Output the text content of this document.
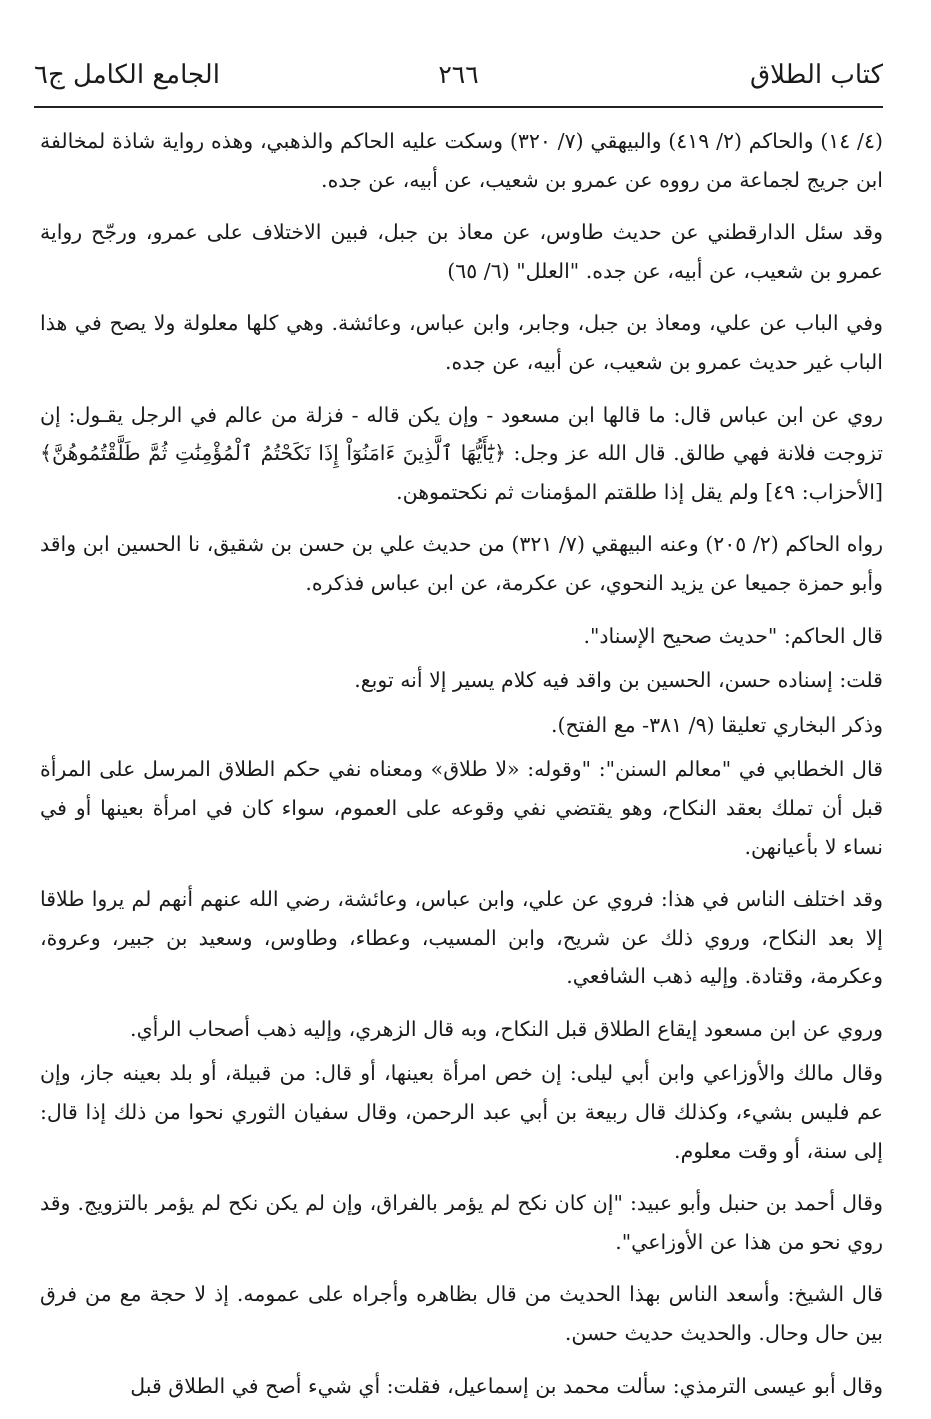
كتاب الطلاق
٢٦٦
الجامع الكامل ج٦

(٤/ ١٤) والحاكم (٢/ ٤١٩) والبيهقي (٧/ ٣٢٠) وسكت عليه الحاكم والذهبي، وهذه رواية شاذة لمخالفة ابن جريج لجماعة من رووه عن عمرو بن شعيب، عن أبيه، عن جده.

وقد سئل الدارقطني عن حديث طاوس، عن معاذ بن جبل، فبين الاختلاف على عمرو، ورجّح رواية عمرو بن شعيب، عن أبيه، عن جده. "العلل" (٦/ ٦٥)

وفي الباب عن علي، ومعاذ بن جبل، وجابر، وابن عباس، وعائشة. وهي كلها معلولة ولا يصح في هذا الباب غير حديث عمرو بن شعيب، عن أبيه، عن جده.

روي عن ابن عباس قال: ما قالها ابن مسعود - وإن يكن قاله - فزلة من عالم في الرجل يقـول: إن تزوجت فلانة فهي طالق. قال الله عز وجل: ﴿يَٰٓأَيُّهَا ٱلَّذِينَ ءَامَنُوٓاْ إِذَا نَكَحْتُمُ ٱلْمُؤْمِنَٰتِ ثُمَّ طَلَّقْتُمُوهُنَّ﴾ [الأحزاب: ٤٩] ولم يقل إذا طلقتم المؤمنات ثم نكحتموهن.

رواه الحاكم (٢/ ٢٠٥) وعنه البيهقي (٧/ ٣٢١) من حديث علي بن حسن بن شقيق، نا الحسين ابن واقد وأبو حمزة جميعا عن يزيد النحوي، عن عكرمة، عن ابن عباس فذكره.

قال الحاكم: "حديث صحيح الإسناد".

قلت: إسناده حسن، الحسين بن واقد فيه كلام يسير إلا أنه توبع.

وذكر البخاري تعليقا (٩/ ٣٨١- مع الفتح).

قال الخطابي في "معالم السنن": "وقوله: «لا طلاق» ومعناه نفي حكم الطلاق المرسل على المرأة قبل أن تملك بعقد النكاح، وهو يقتضي نفي وقوعه على العموم، سواء كان في امرأة بعينها أو في نساء لا بأعيانهن.

وقد اختلف الناس في هذا: فروي عن علي، وابن عباس، وعائشة، رضي الله عنهم أنهم لم يروا طلاقا إلا بعد النكاح، وروي ذلك عن شريح، وابن المسيب، وعطاء، وطاوس، وسعيد بن جبير، وعروة، وعكرمة، وقتادة. وإليه ذهب الشافعي.

وروي عن ابن مسعود إيقاع الطلاق قبل النكاح، وبه قال الزهري، وإليه ذهب أصحاب الرأي.

وقال مالك والأوزاعي وابن أبي ليلى: إن خص امرأة بعينها، أو قال: من قبيلة، أو بلد بعينه جاز، وإن عم فليس بشيء، وكذلك قال ربيعة بن أبي عبد الرحمن، وقال سفيان الثوري نحوا من ذلك إذا قال: إلى سنة، أو وقت معلوم.

وقال أحمد بن حنبل وأبو عبيد: "إن كان نكح لم يؤمر بالفراق، وإن لم يكن نكح لم يؤمر بالتزويج. وقد روي نحو من هذا عن الأوزاعي".

قال الشيخ: وأسعد الناس بهذا الحديث من قال بظاهره وأجراه على عمومه. إذ لا حجة مع من فرق بين حال وحال. والحديث حديث حسن.

وقال أبو عيسى الترمذي: سألت محمد بن إسماعيل، فقلت: أي شيء أصح في الطلاق قبل
